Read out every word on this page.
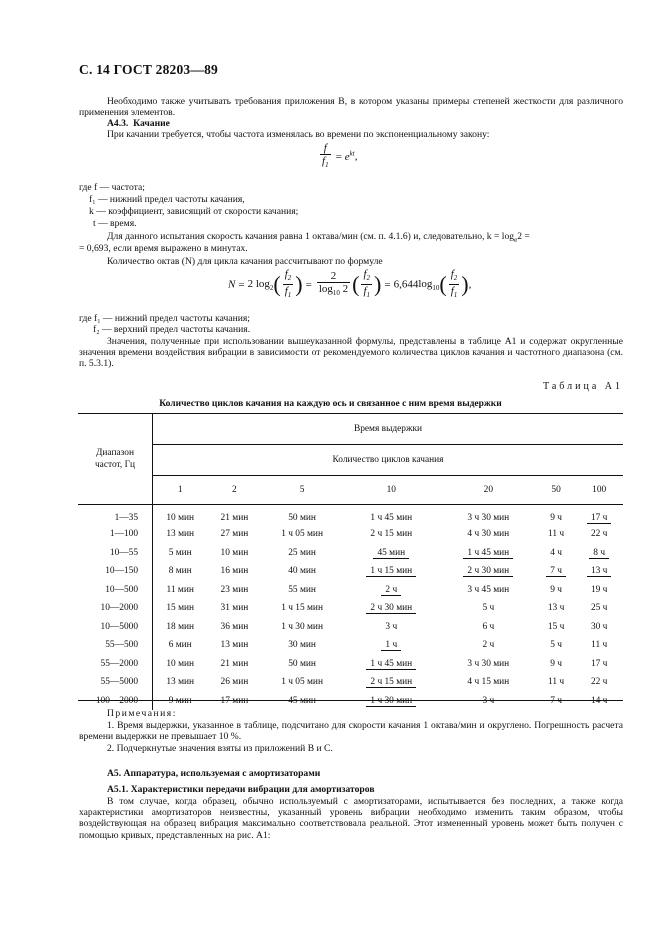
С. 14 ГОСТ 28203—89
Необходимо также учитывать требования приложения В, в котором указаны примеры степеней жесткости для различного применения элементов.
А4.3. Качание
При качании требуется, чтобы частота изменялась во времени по экспоненциальному закону:
$\frac{f}{f_1} = e^{kt}$,
где f — частота;
f₁ — нижний предел частоты качания,
k — коэффициент, зависящий от скорости качания;
t — время.
Для данного испытания скорость качания равна 1 октава/мин (см. п. 4.1.6) и, следовательно, $k = \log_e2$ =
= 0,693, если время выражено в минутах.
Количество октав (N) для цикла качания рассчитывают по формуле
N = 2 $\log_2( \frac{f_2}{f_1}$ ) = $\frac{2}{\log_{10} 2}$ ( $\frac{f_2}{f_1}$ ) = $6,644\log_{10}( \frac{f_2}{f_1}$ ),
где f₁ — нижний предел частоты качания;
f₂ — верхний предел частоты качания.
Значения, полученные при использовании вышеуказанной формулы, представлены в таблице А1 и содержат округленные значения времени воздействия вибрации в зависимости от рекомендуемого количества циклов качания и частотного диапазона (см. п. 5.3.1).
Таблица А1
Количество циклов качания на каждую ось и связанное с ним время выдержки
Диапазон частот, Гц	Время выдержки						
	Количество циклов качания						
	1	2	5	10	20	50	100
1—35	10 мин	21 мин	50 мин	1 ч 45 мин	3 ч 30 мин	9 ч	17 ч
1—100	13 мин	27 мин	1 ч 05 мин	2 ч 15 мин	4 ч 30 мин	11 ч	22 ч
10—55	5 мин	10 мин	25 мин	45 мин	1 ч 45 мин	4 ч	8 ч
10—150	8 мин	16 мин	40 мин	1 ч 15 мин	2 ч 30 мин	7 ч	13 ч
10—500	11 мин	23 мин	55 мин	2 ч	3 ч 45 мин	9 ч	19 ч
10—2000	15 мин	31 мин	1 ч 15 мин	2 ч 30 мин	5 ч	13 ч	25 ч
10—5000	18 мин	36 мин	1 ч 30 мин	3 ч	6 ч	15 ч	30 ч
55—500	6 мин	13 мин	30 мин	1 ч	2 ч	5 ч	11 ч
55—2000	10 мин	21 мин	50 мин	1 ч 45 мин	3 ч 30 мин	9 ч	17 ч
55—5000	13 мин	26 мин	1 ч 05 мин	2 ч 15 мин	4 ч 15 мин	11 ч	22 ч
100—2000	9 мин	17 мин	45 мин	1 ч 30 мин	3 ч	7 ч	14 ч
Примечания:
1. Время выдержки, указанное в таблице, подсчитано для скорости качания 1 октава/мин и округлено. Погрешность расчета времени выдержки не превышает 10 %.
2. Подчеркнутые значения взяты из приложений В и С.
А5. Аппаратура, используемая с амортизаторами
А5.1. Характеристики передачи вибрации для амортизаторов
В том случае, когда образец, обычно используемый с амортизаторами, испытывается без последних, а также когда характеристики амортизаторов неизвестны, указанный уровень вибрации необходимо изменить таким образом, чтобы воздействующая на образец вибрация максимально соответствовала реальной. Этот измененный уровень может быть получен с помощью кривых, представленных на рис. А1:
